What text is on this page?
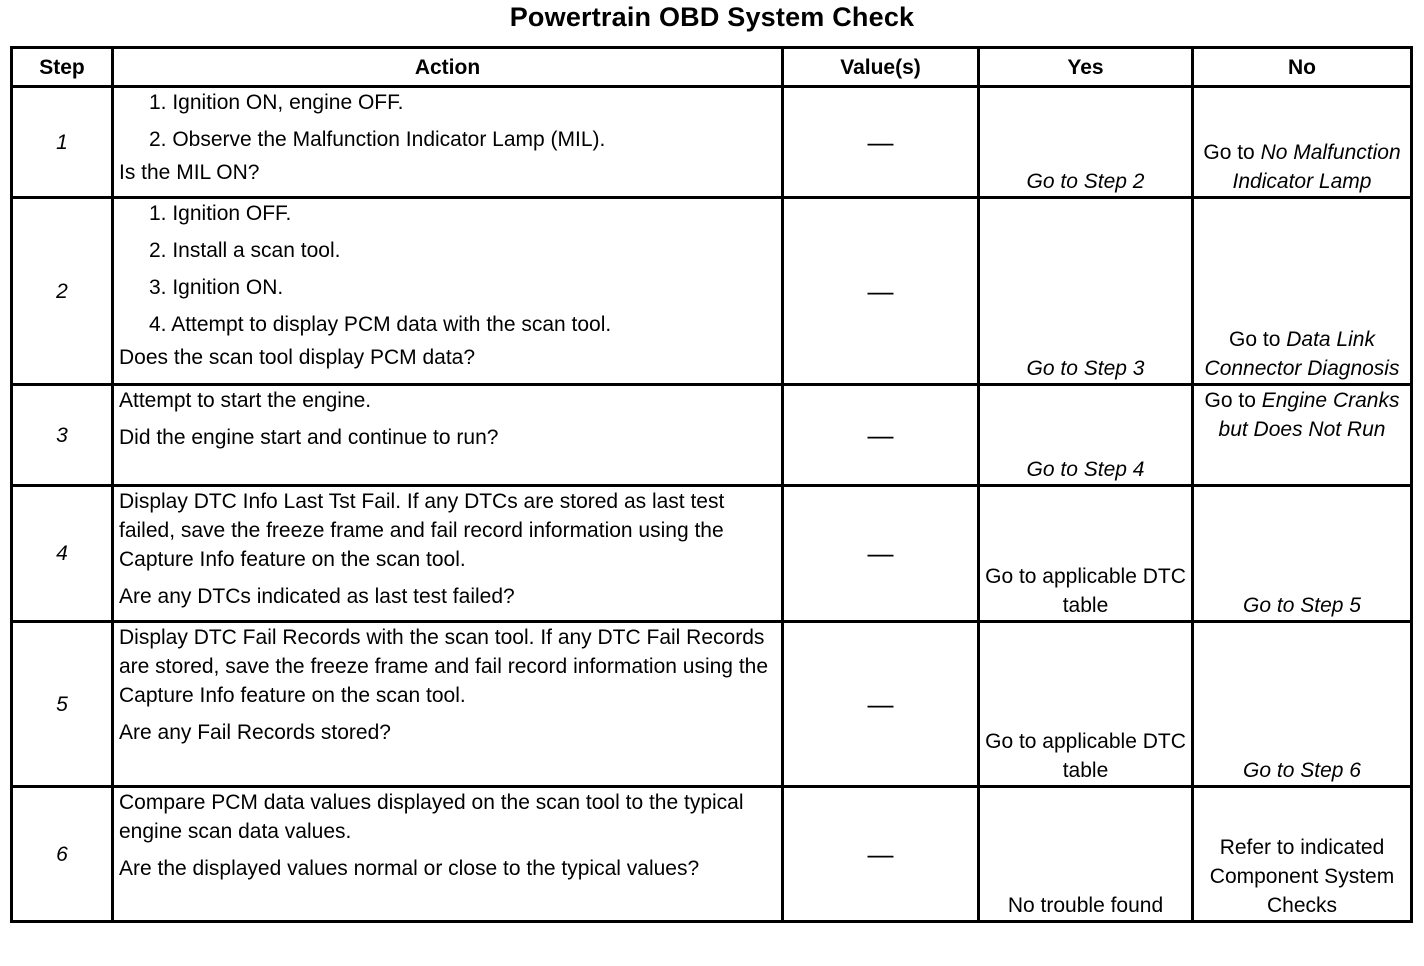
Powertrain OBD System Check
Step	Action	Value(s)	Yes	No
1	1. Ignition ON, engine OFF.
2. Observe the Malfunction Indicator Lamp (MIL).
Is the MIL ON?	—	Go to Step 2	Go to No Malfunction Indicator Lamp
2	1. Ignition OFF.
2. Install a scan tool.
3. Ignition ON.
4. Attempt to display PCM data with the scan tool.
Does the scan tool display PCM data?	—	Go to Step 3	Go to Data Link Connector Diagnosis
3	Attempt to start the engine.
Did the engine start and continue to run?	—	Go to Step 4	Go to Engine Cranks but Does Not Run
4	Display DTC Info Last Tst Fail. If any DTCs are stored as last test failed, save the freeze frame and fail record information using the Capture Info feature on the scan tool.
Are any DTCs indicated as last test failed?	—	Go to applicable DTC table	Go to Step 5
5	Display DTC Fail Records with the scan tool. If any DTC Fail Records are stored, save the freeze frame and fail record information using the Capture Info feature on the scan tool.
Are any Fail Records stored?	—	Go to applicable DTC table	Go to Step 6
6	Compare PCM data values displayed on the scan tool to the typical engine scan data values.
Are the displayed values normal or close to the typical values?	—	No trouble found	Refer to indicated Component System Checks
